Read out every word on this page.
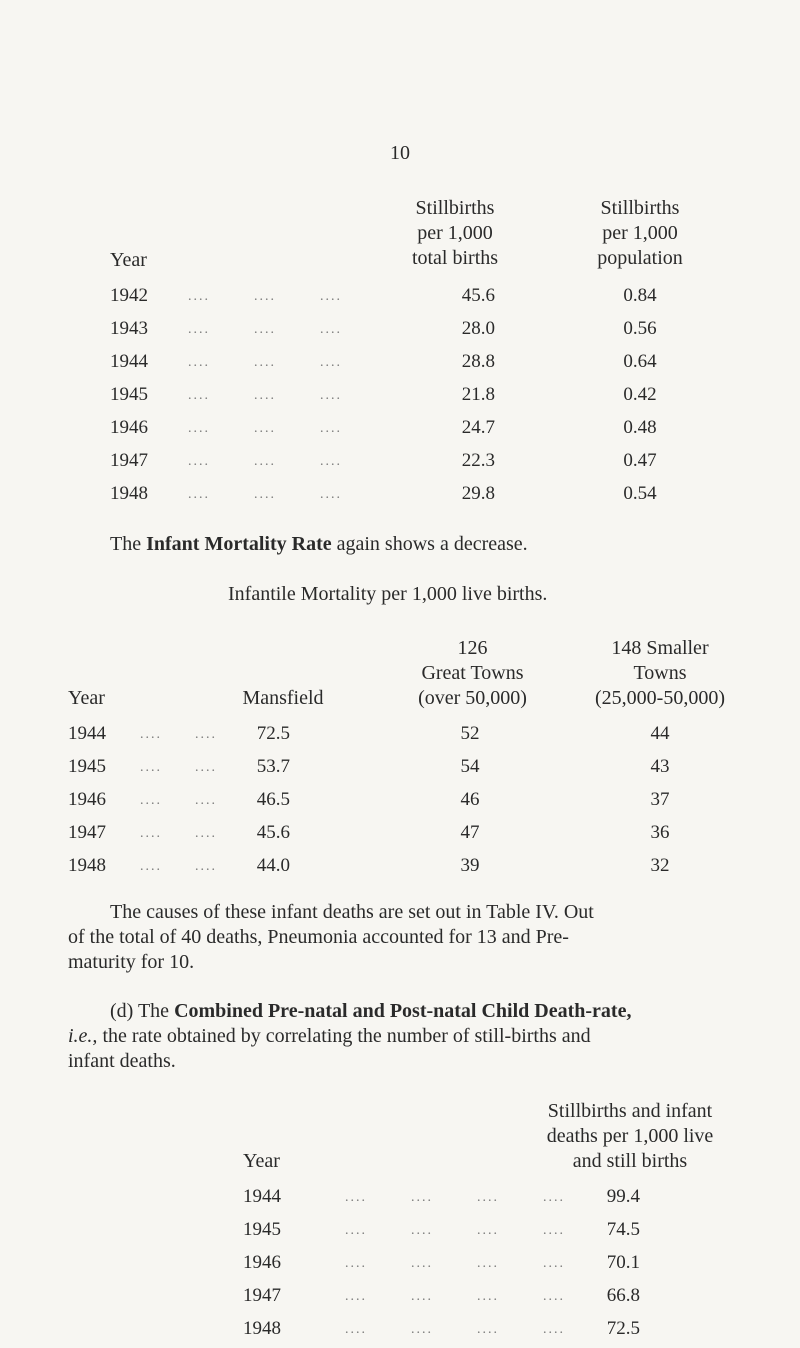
10
Year
Stillbirths
per 1,000
total births
Stillbirths
per 1,000
population
1942	....        ....        ....	45.6	0.84
1943	....        ....        ....	28.0	0.56
1944	....        ....        ....	28.8	0.64
1945	....        ....        ....	21.8	0.42
1946	....        ....        ....	24.7	0.48
1947	....        ....        ....	22.3	0.47
1948	....        ....        ....	29.8	0.54
The Infant Mortality Rate again shows a decrease.
Infantile Mortality per 1,000 live births.
Year	Mansfield
126
Great Towns
(over 50,000)
148 Smaller
Towns
(25,000-50,000)
1944 ....      ....	72.5	52	44
1945 ....      ....	53.7	54	43
1946 ....      ....	46.5	46	37
1947 ....      ....	45.6	47	36
1948 ....      ....	44.0	39	32
The causes of these infant deaths are set out in Table IV. Out
of the total of 40 deaths, Pneumonia accounted for 13 and Pre-
maturity for 10.
(d) The Combined Pre-natal and Post-natal Child Death-rate,
i.e., the rate obtained by correlating the number of still-births and
infant deaths.
Year
Stillbirths and infant
deaths per 1,000 live
and still births
1944	....        ....        ....        ....	99.4
1945	....        ....        ....        ....	74.5
1946	....        ....        ....        ....	70.1
1947	....        ....        ....        ....	66.8
1948	....        ....        ....        ....	72.5
